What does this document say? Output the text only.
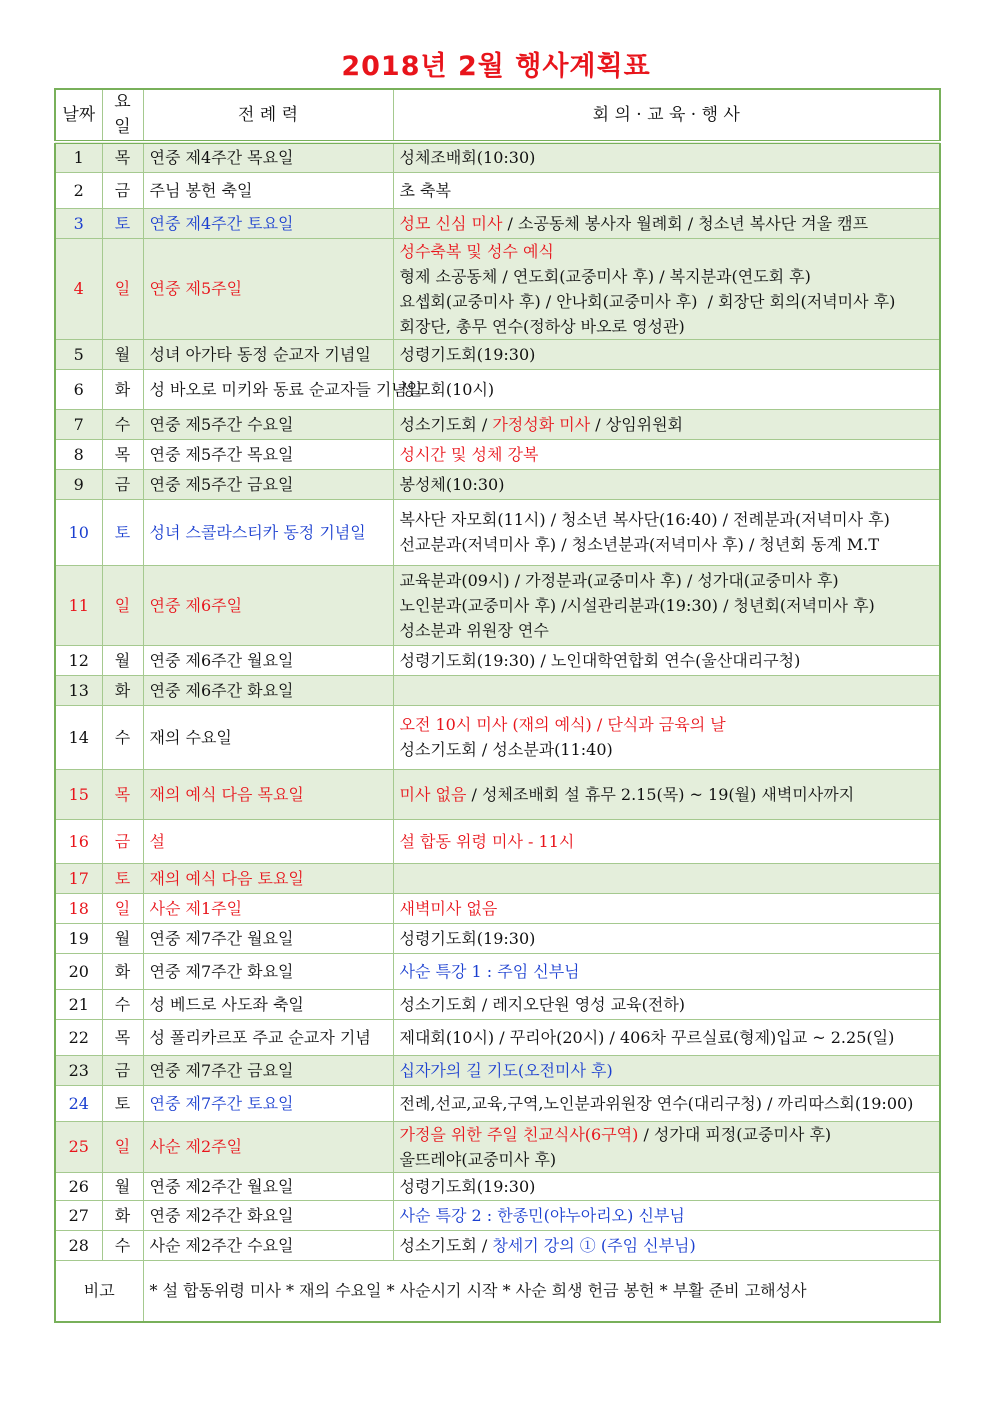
2018년 2월 행사계획표
날짜	요일	전 례 력	회 의 · 교 육 · 행 사
1	목	연중 제4주간 목요일	성체조배회(10:30)

2	금	주님 봉헌 축일	초 축복

3	토	연중 제4주간 토요일	성모 신심 미사 / 소공동체 봉사자 월례회 / 청소년 복사단 겨울 캠프

4	일	연중 제5주일	성수축복 및 성수 예식
형제 소공동체 / 연도회(교중미사 후) / 복지분과(연도회 후)
요셉회(교중미사 후) / 안나회(교중미사 후)  / 회장단 회의(저녁미사 후)
회장단, 총무 연수(정하상 바오로 영성관)

5	월	성녀 아가타 동정 순교자 기념일	성령기도회(19:30)

6	화	성 바오로 미키와 동료 순교자들 기념일	성모회(10시)

7	수	연중 제5주간 수요일	성소기도회 / 가정성화 미사 / 상임위원회

8	목	연중 제5주간 목요일	성시간 및 성체 강복

9	금	연중 제5주간 금요일	봉성체(10:30)

10	토	성녀 스콜라스티카 동정 기념일	복사단 자모회(11시) / 청소년 복사단(16:40) / 전례분과(저녁미사 후)
선교분과(저녁미사 후) / 청소년분과(저녁미사 후) / 청년회 동계 M.T

11	일	연중 제6주일	교육분과(09시) / 가정분과(교중미사 후) / 성가대(교중미사 후)
노인분과(교중미사 후) /시설관리분과(19:30) / 청년회(저녁미사 후)
성소분과 위원장 연수

12	월	연중 제6주간 월요일	성령기도회(19:30) / 노인대학연합회 연수(울산대리구청)

13	화	연중 제6주간 화요일	
14	수	재의 수요일	오전 10시 미사 (재의 예식) / 단식과 금육의 날
성소기도회 / 성소분과(11:40)

15	목	재의 예식 다음 목요일	미사 없음 / 성체조배회 설 휴무 2.15(목) ~ 19(월) 새벽미사까지

16	금	설	설 합동 위령 미사 - 11시

17	토	재의 예식 다음 토요일	
18	일	사순 제1주일	새벽미사 없음

19	월	연중 제7주간 월요일	성령기도회(19:30)

20	화	연중 제7주간 화요일	사순 특강 1 : 주임 신부님

21	수	성 베드로 사도좌 축일	성소기도회 / 레지오단원 영성 교육(전하)

22	목	성 폴리카르포 주교 순교자 기념	제대회(10시) / 꾸리아(20시) / 406차 꾸르실료(형제)입교 ~ 2.25(일)

23	금	연중 제7주간 금요일	십자가의 길 기도(오전미사 후)

24	토	연중 제7주간 토요일	전례,선교,교육,구역,노인분과위원장 연수(대리구청) / 까리따스회(19:00)

25	일	사순 제2주일	가정을 위한 주일 친교식사(6구역) / 성가대 피정(교중미사 후)
울뜨레야(교중미사 후)

26	월	연중 제2주간 월요일	성령기도회(19:30)

27	화	연중 제2주간 화요일	사순 특강 2 : 한종민(야누아리오) 신부님

28	수	사순 제2주간 수요일	성소기도회 / 창세기 강의 ① (주임 신부님)

비고		* 설 합동위령 미사 * 재의 수요일 * 사순시기 시작 * 사순 희생 헌금 봉헌 * 부활 준비 고해성사	
